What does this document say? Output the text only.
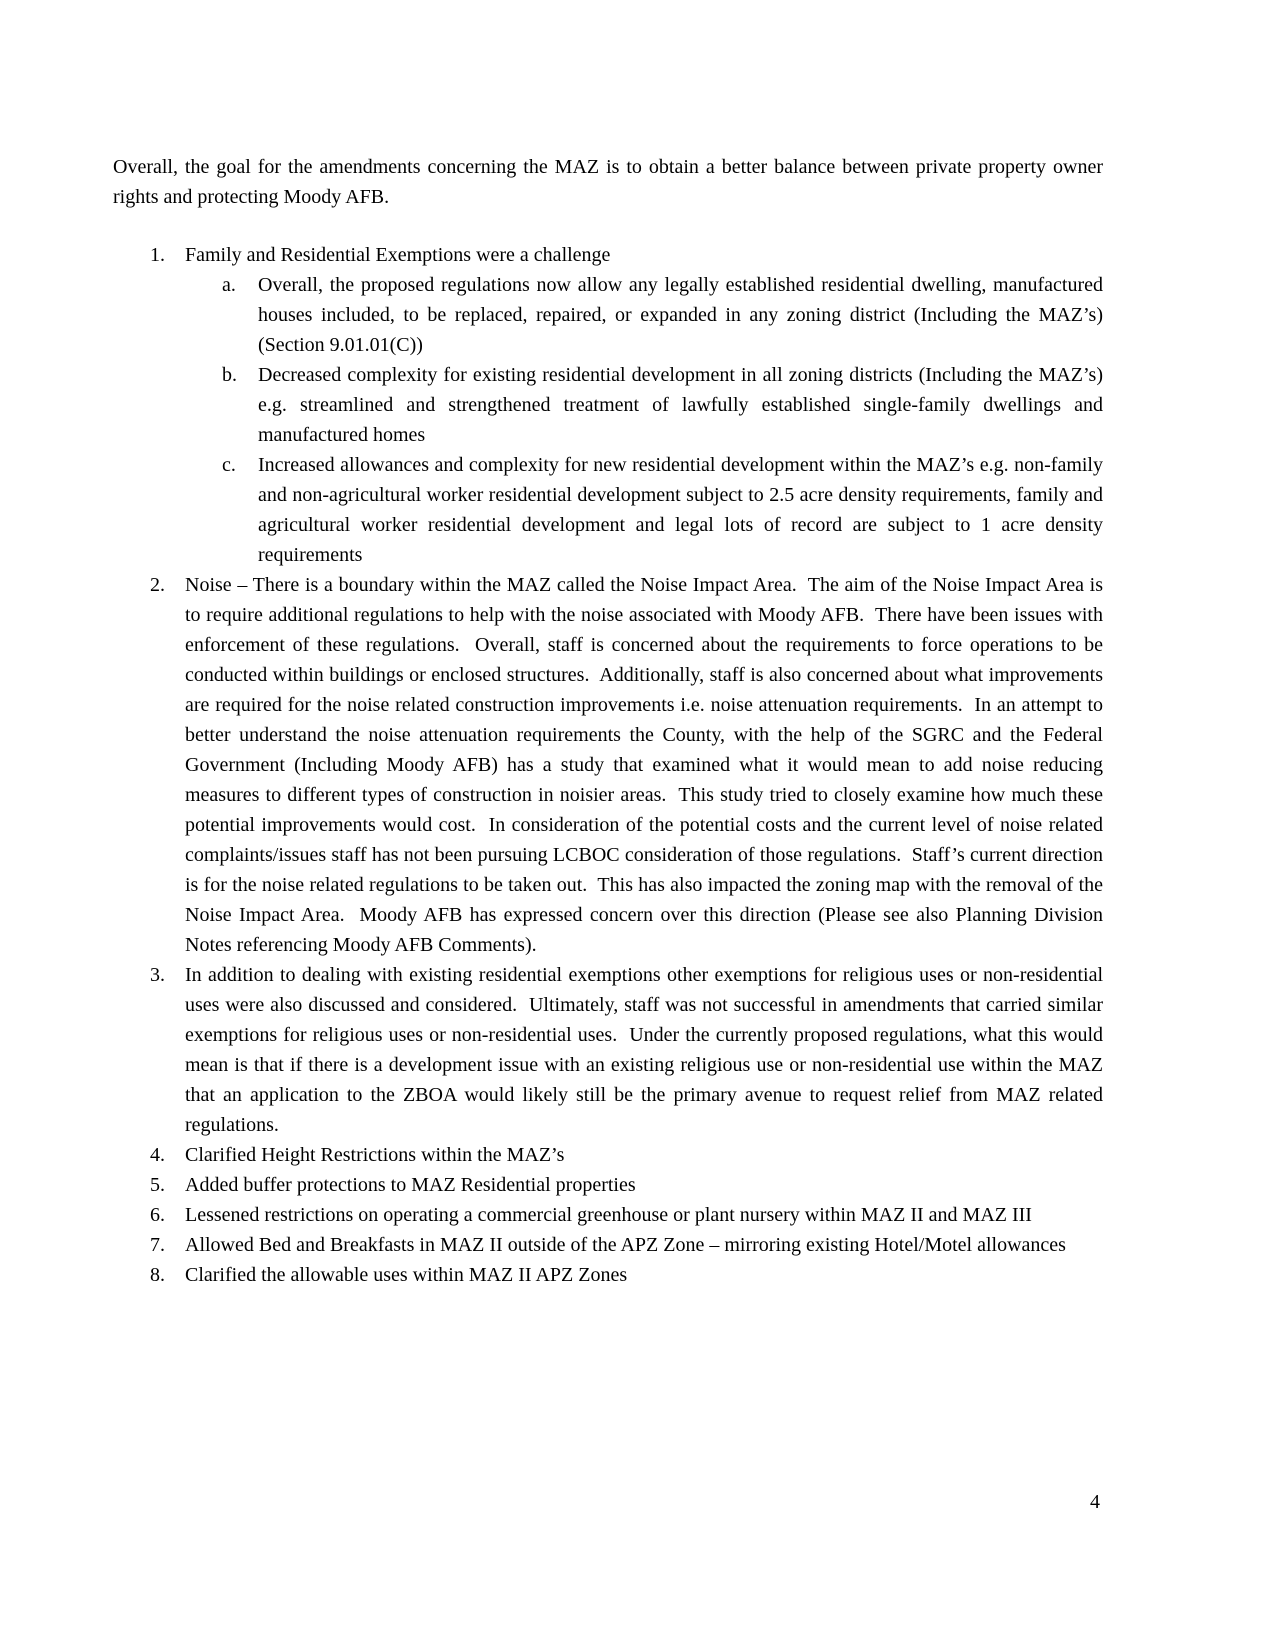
Overall, the goal for the amendments concerning the MAZ is to obtain a better balance between private property owner rights and protecting Moody AFB.

1.	Family and Residential Exemptions were a challenge
a.	Overall, the proposed regulations now allow any legally established residential dwelling, manufactured houses included, to be replaced, repaired, or expanded in any zoning district (Including the MAZ’s) (Section 9.01.01(C))
b.	Decreased complexity for existing residential development in all zoning districts (Including the MAZ’s) e.g. streamlined and strengthened treatment of lawfully established single-family dwellings and manufactured homes
c.	Increased allowances and complexity for new residential development within the MAZ’s e.g. non-family and non-agricultural worker residential development subject to 2.5 acre density requirements, family and agricultural worker residential development and legal lots of record are subject to 1 acre density requirements
2.	Noise – There is a boundary within the MAZ called the Noise Impact Area.  The aim of the Noise Impact Area is to require additional regulations to help with the noise associated with Moody AFB.  There have been issues with enforcement of these regulations.  Overall, staff is concerned about the requirements to force operations to be conducted within buildings or enclosed structures.  Additionally, staff is also concerned about what improvements are required for the noise related construction improvements i.e. noise attenuation requirements.  In an attempt to better understand the noise attenuation requirements the County, with the help of the SGRC and the Federal Government (Including Moody AFB) has a study that examined what it would mean to add noise reducing measures to different types of construction in noisier areas.  This study tried to closely examine how much these potential improvements would cost.  In consideration of the potential costs and the current level of noise related complaints/issues staff has not been pursuing LCBOC consideration of those regulations.  Staff’s current direction is for the noise related regulations to be taken out.  This has also impacted the zoning map with the removal of the Noise Impact Area.  Moody AFB has expressed concern over this direction (Please see also Planning Division Notes referencing Moody AFB Comments).
3.	In addition to dealing with existing residential exemptions other exemptions for religious uses or non-residential uses were also discussed and considered.  Ultimately, staff was not successful in amendments that carried similar exemptions for religious uses or non-residential uses.  Under the currently proposed regulations, what this would mean is that if there is a development issue with an existing religious use or non-residential use within the MAZ that an application to the ZBOA would likely still be the primary avenue to request relief from MAZ related regulations.
4.	Clarified Height Restrictions within the MAZ’s
5.	Added buffer protections to MAZ Residential properties
6.	Lessened restrictions on operating a commercial greenhouse or plant nursery within MAZ II and MAZ III
7.	Allowed Bed and Breakfasts in MAZ II outside of the APZ Zone – mirroring existing Hotel/Motel allowances
8.	Clarified the allowable uses within MAZ II APZ Zones
4
